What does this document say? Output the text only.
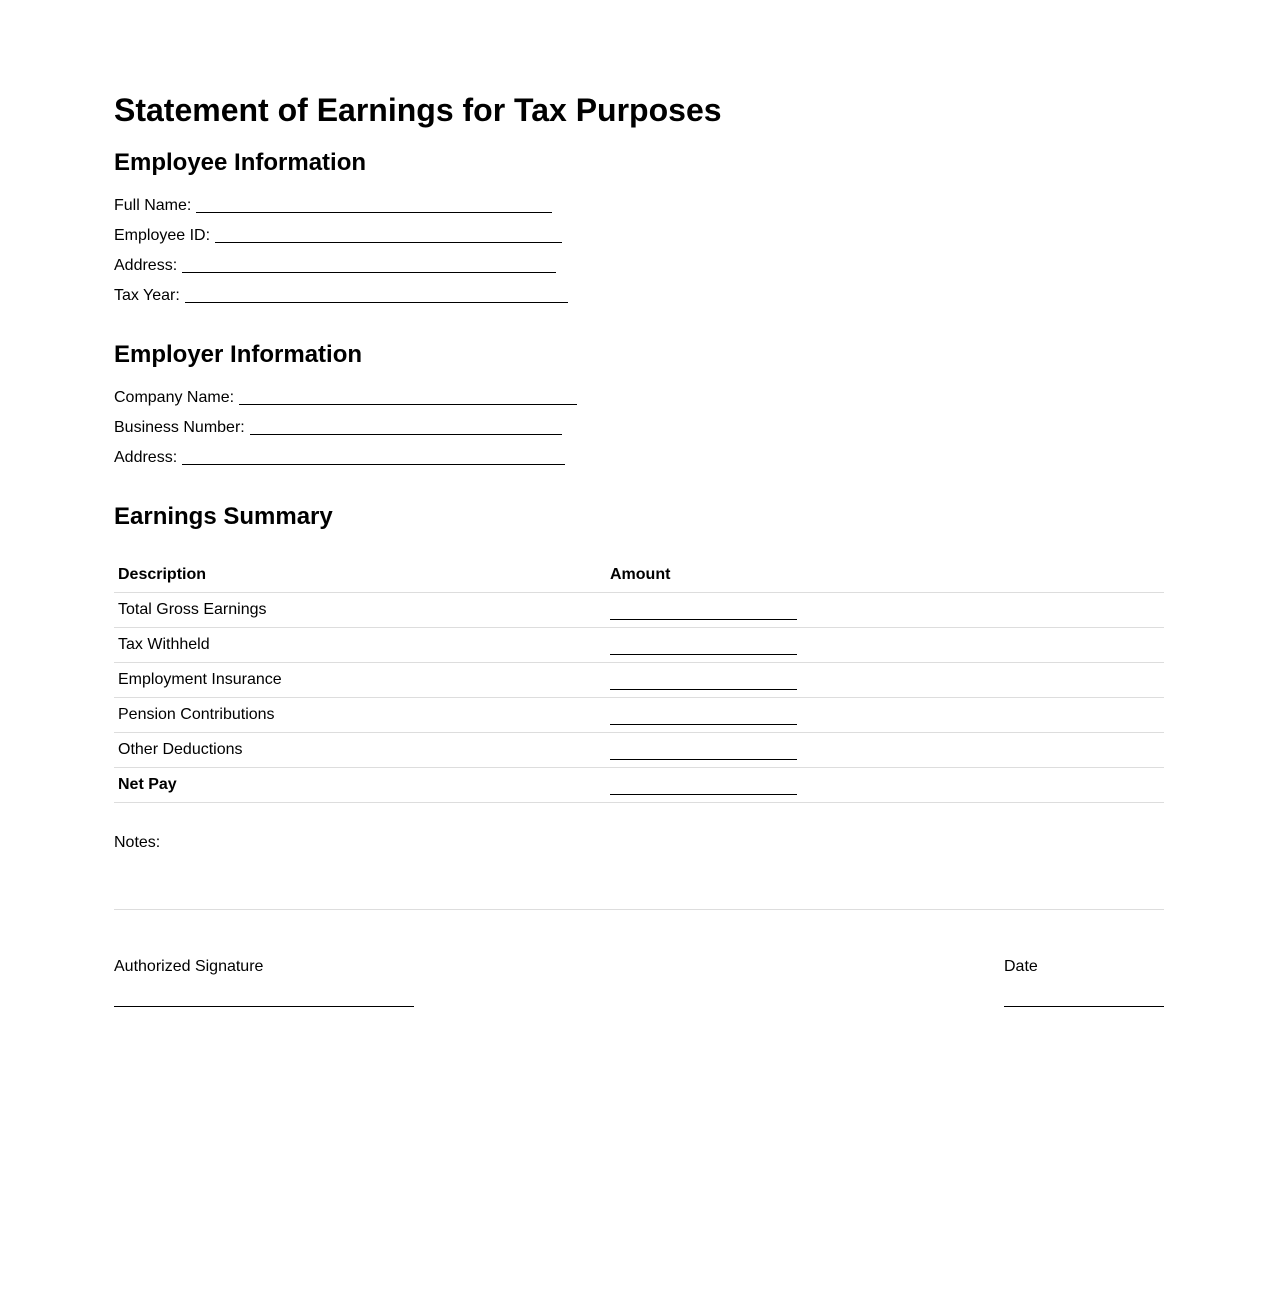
Statement of Earnings for Tax Purposes
Employee Information
Full Name:
Employee ID:
Address:
Tax Year:
Employer Information
Company Name:
Business Number:
Address:
Earnings Summary
Description	Amount
Total Gross Earnings	
Tax Withheld	
Employment Insurance	
Pension Contributions	
Other Deductions	
Net Pay	
Notes:
Authorized Signature	Date
